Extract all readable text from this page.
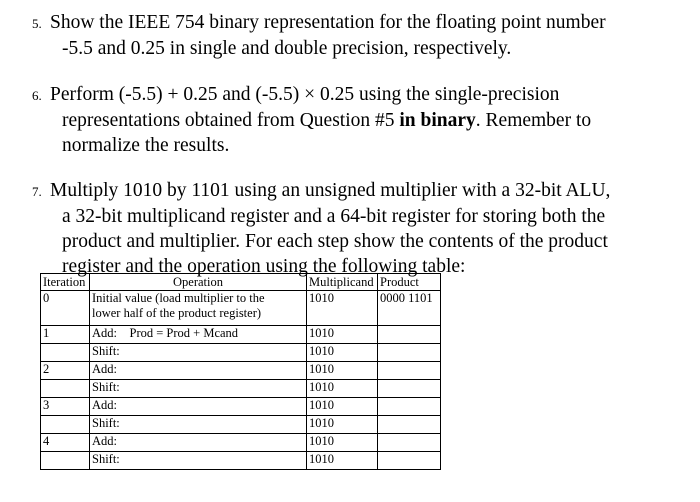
5. Show the IEEE 754 binary representation for the floating point number
-5.5 and 0.25 in single and double precision, respectively.
6. Perform (-5.5) + 0.25 and (-5.5) × 0.25 using the single-precision
representations obtained from Question #5 in binary. Remember to
normalize the results.
7. Multiply 1010 by 1101 using an unsigned multiplier with a 32-bit ALU,
a 32-bit multiplicand register and a 64-bit register for storing both the
product and multiplier. For each step show the contents of the product
register and the operation using the following table:
Iteration	Operation	Multiplicand	Product
0	Initial value (load multiplier to the
lower half of the product register)	1010	0000 1101
1	Add:    Prod = Prod + Mcand	1010	
	Shift:	1010	
2	Add:	1010	
	Shift:	1010	
3	Add:	1010	
	Shift:	1010	
4	Add:	1010	
	Shift:	1010	
